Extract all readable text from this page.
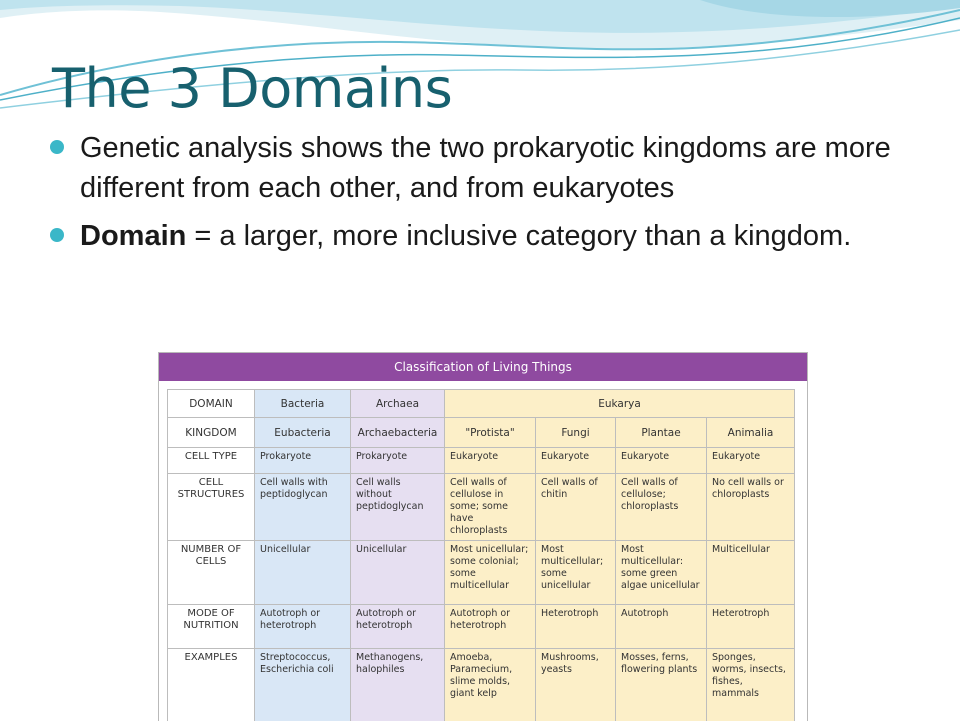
The 3 Domains
Genetic analysis shows the two prokaryotic kingdoms are more different from each other, and from eukaryotes
Domain = a larger, more inclusive category than a kingdom.
Classification of Living Things
DOMAIN	Bacteria	Archaea	Eukarya			
KINGDOM	Eubacteria	Archaebacteria	"Protista"	Fungi	Plantae	Animalia
CELL TYPE	Prokaryote	Prokaryote	Eukaryote	Eukaryote	Eukaryote	Eukaryote
CELL STRUCTURES	Cell walls with peptidoglycan	Cell walls without peptidoglycan	Cell walls of cellulose in some; some have chloroplasts	Cell walls of chitin	Cell walls of cellulose; chloroplasts	No cell walls or chloroplasts
NUMBER OF CELLS	Unicellular	Unicellular	Most unicellular; some colonial; some multicellular	Most multicellular; some unicellular	Most multicellular: some green algae unicellular	Multicellular
MODE OF NUTRITION	Autotroph or heterotroph	Autotroph or heterotroph	Autotroph or heterotroph	Heterotroph	Autotroph	Heterotroph
EXAMPLES	Streptococcus, Escherichia coli	Methanogens, halophiles	Amoeba, Paramecium, slime molds, giant kelp	Mushrooms, yeasts	Mosses, ferns, flowering plants	Sponges, worms, insects, fishes, mammals
